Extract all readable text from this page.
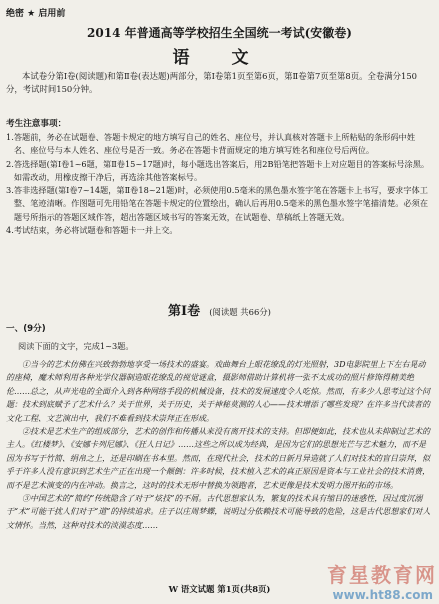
绝密 ★ 启用前
2014 年普通高等学校招生全国统一考试(安徽卷)
语 文
本试卷分第Ⅰ卷(阅读题)和第Ⅱ卷(表达题)两部分，第Ⅰ卷第1页至第6页，第Ⅱ卷第7页至第8页。全卷满分150分，考试时间150分钟。
考生注意事项：
1. 答题前，务必在试题卷、答题卡规定的地方填写自己的姓名、座位号，并认真核对答题卡上所粘贴的条形码中姓名、座位号与本人姓名、座位号是否一致。务必在答题卡背面规定的地方填写姓名和座位号后两位。
2. 答选择题(第Ⅰ卷1~6题，第Ⅱ卷15~17题)时，每小题选出答案后，用2B铅笔把答题卡上对应题目的答案标号涂黑。如需改动，用橡皮擦干净后，再选涂其他答案标号。
3. 答非选择题(第Ⅰ卷7~14题，第Ⅱ卷18~21题)时，必须使用0.5毫米的黑色墨水签字笔在答题卡上书写，要求字体工整、笔迹清晰。作图题可先用铅笔在答题卡规定的位置绘出，确认后再用0.5毫米的黑色墨水签字笔描清楚。必须在题号所指示的答题区域作答，超出答题区域书写的答案无效，在试题卷、草稿纸上答题无效。
4. 考试结束，务必将试题卷和答题卡一并上交。
第Ⅰ卷 (阅读题 共66分)
一、(9分)
阅读下面的文字，完成1~3题。

①当今的艺术仿佛在兴致勃勃地享受一场技术的盛宴。戏曲舞台上眼花缭乱的灯光照射，3D电影院里上下左右晃动的座椅，魔术师利用各种光学仪器制造眼花缭乱的视觉谜盒，摄影师借助计算机将一张不太成功的照片修饰得精美绝伦……总之，从声光电的全面介入到各种网络手段的机械设备，技术的发展速度令人吃惊。然而，有多少人思考过这个问题：技术到底赋予了艺术什么？关于世界，关于历史，关于神秘莫测的人心——技术增添了哪些发现？在许多当代读者的文化工程、文艺演出中，我们不难看到技术崇拜正在形成。

②技术是艺术生产的组成部分，艺术的创作和传播从来没有离开技术的支持。但即便如此，技术也从未抑制过艺术的主人。《红楼梦》、《安娜卡列尼娜》、《狂人日记》……这些之所以成为经典，是因为它们的思想光芒与艺术魅力，而不是因为书写于竹简、绢帛之上，还是印刷在书本里。然而，在现代社会，技术的日新月异造就了人们对技术的盲目崇拜，似乎于许多人没有意识到艺术生产正在出现一个颠倒：许多时候，技术植入艺术的真正原因是资本与工业社会的技术消费，而不是艺术演变的内在冲动。换言之，这时的技术无形中替换为领跑者，艺术更像是技术发明力图开拓的市场。

③中国艺术的“简约”传统隐含了对于“炫技”的不屑。古代思想家认为，繁复的技术具有缩目的迷惑性，因过度沉溺于“术”可能干扰人们对于“道”的持续追求。庄子以庄周梦蝶，说明过分依赖技术可能导致的危险，这是古代思想家们对人文情怀。当然，这种对技术的淡漠态度……

W 语文试题 第1页(共8页)
育星教育网
www.ht88.com
